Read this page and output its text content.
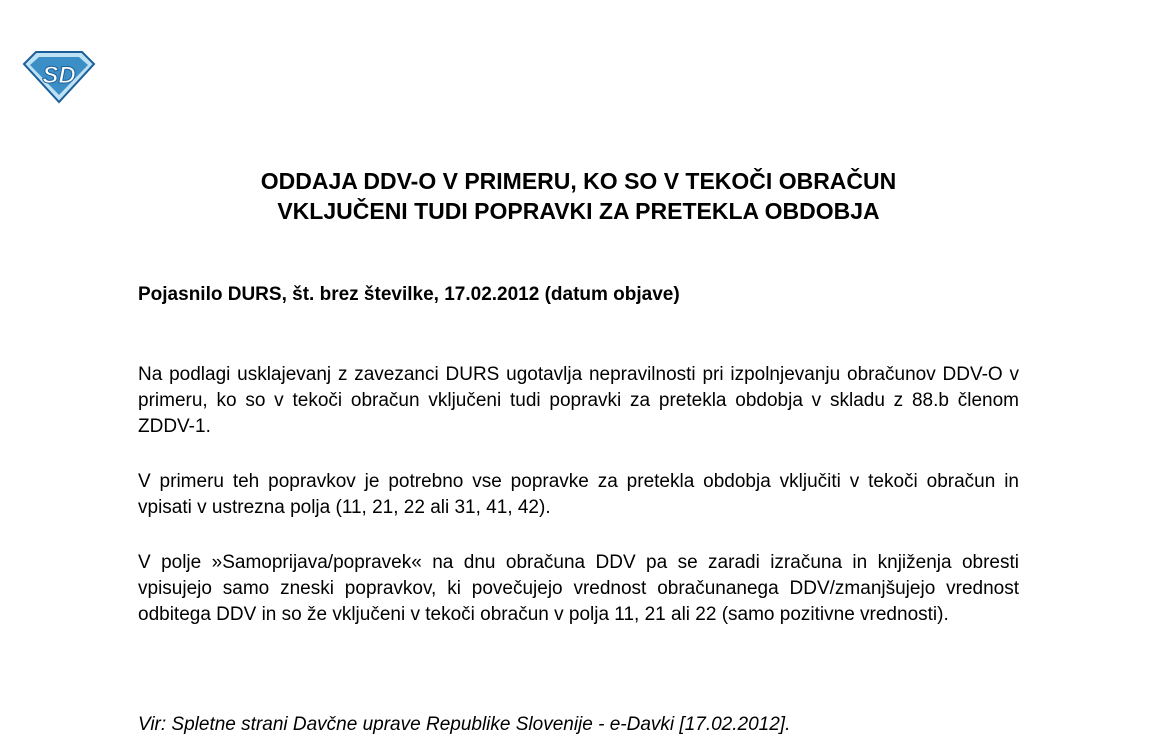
SD
ODDAJA DDV-O V PRIMERU, KO SO V TEKOČI OBRAČUN
VKLJUČENI TUDI POPRAVKI ZA PRETEKLA OBDOBJA
Pojasnilo DURS, št. brez številke, 17.02.2012 (datum objave)
Na podlagi usklajevanj z zavezanci DURS ugotavlja nepravilnosti pri izpolnjevanju obračunov DDV-O v primeru, ko so v tekoči obračun vključeni tudi popravki za pretekla obdobja v skladu z 88.b členom ZDDV-1.
V primeru teh popravkov je potrebno vse popravke za pretekla obdobja vključiti v tekoči obračun in vpisati v ustrezna polja (11, 21, 22 ali 31, 41, 42).
V polje »Samoprijava/popravek« na dnu obračuna DDV pa se zaradi izračuna in knjiženja obresti vpisujejo samo zneski popravkov, ki povečujejo vrednost obračunanega DDV/zmanjšujejo vrednost odbitega DDV in so že vključeni v tekoči obračun v polja 11, 21 ali 22 (samo pozitivne vrednosti).
Vir: Spletne strani Davčne uprave Republike Slovenije - e-Davki [17.02.2012].
